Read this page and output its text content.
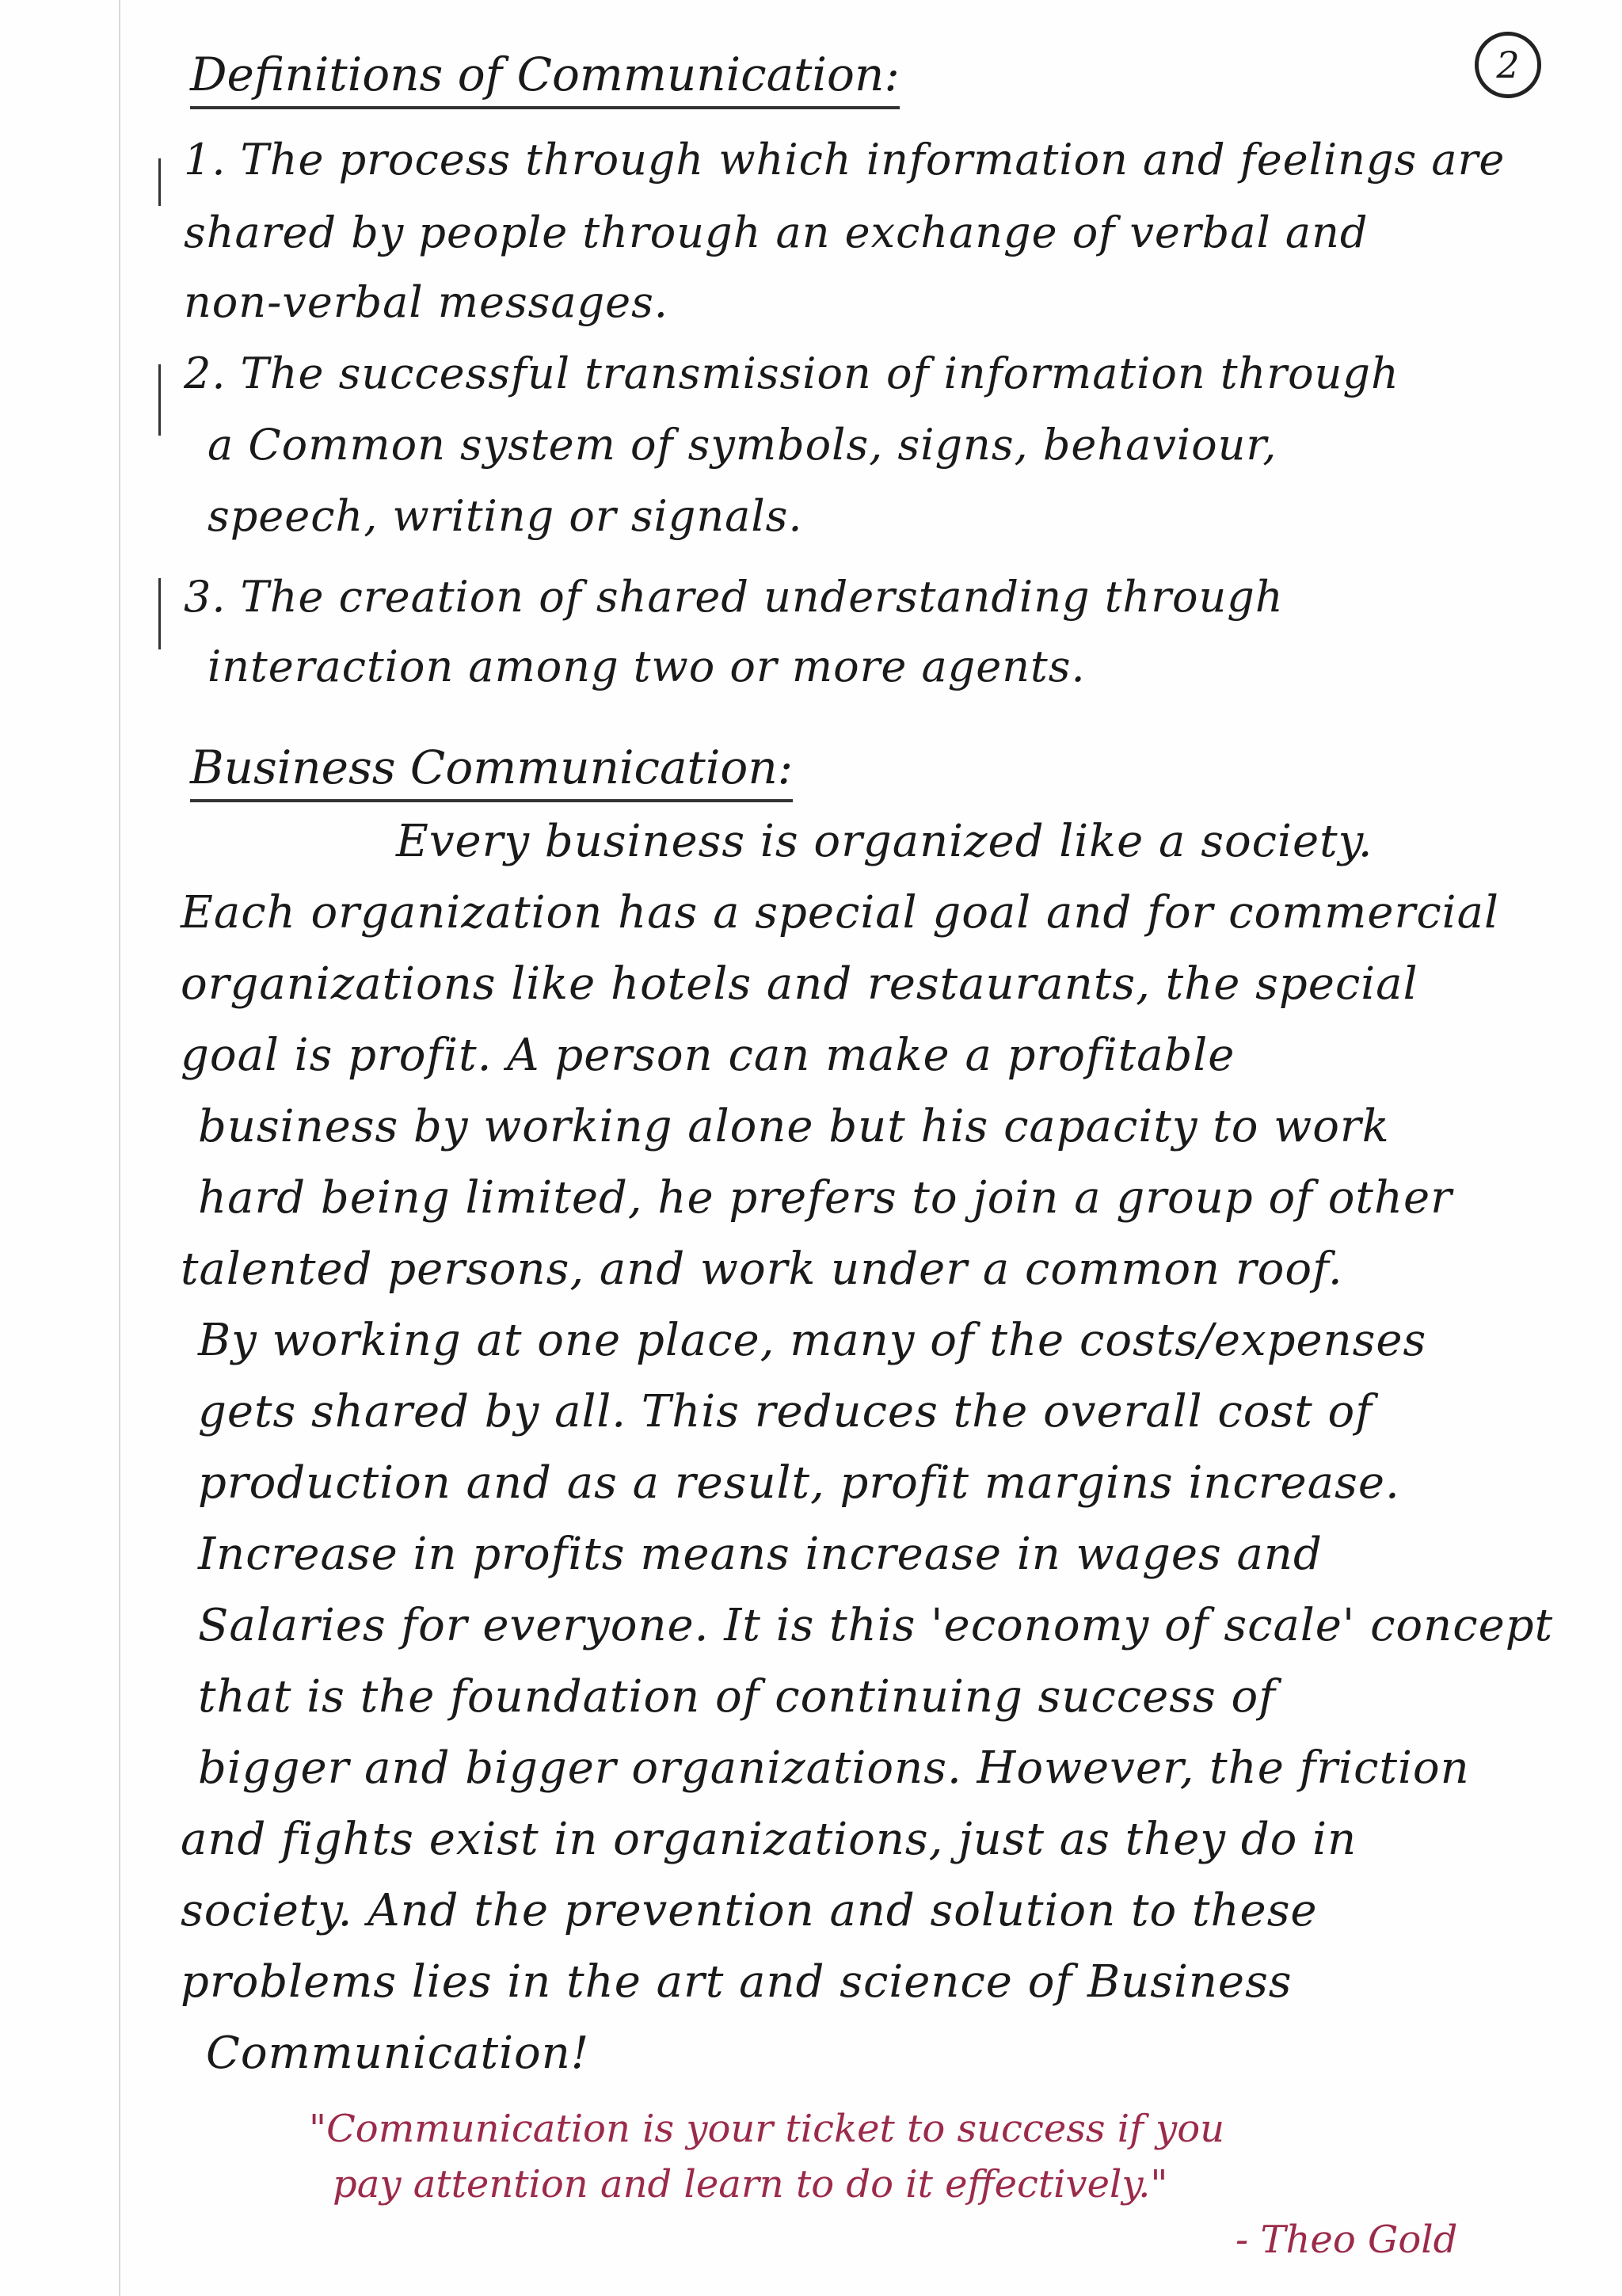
2
Definitions of Communication:
1. The process through which information and feelings are
shared by people through an exchange of verbal and
non-verbal messages.
2. The successful transmission of information through
a Common system of symbols, signs, behaviour,
speech, writing or signals.
3. The creation of shared understanding through
interaction among two or more agents.
Business Communication:
Every business is organized like a society.
Each organization has a special goal and for commercial
organizations like hotels and restaurants, the special
goal is profit. A person can make a profitable
business by working alone but his capacity to work
hard being limited, he prefers to join a group of other
talented persons, and work under a common roof.
By working at one place, many of the costs/expenses
gets shared by all. This reduces the overall cost of
production and as a result, profit margins increase.
Increase in profits means increase in wages and
Salaries for everyone. It is this 'economy of scale' concept
that is the foundation of continuing success of
bigger and bigger organizations. However, the friction
and fights exist in organizations, just as they do in
society. And the prevention and solution to these
problems lies in the art and science of Business
Communication!
"Communication is your ticket to success if you
pay attention and learn to do it effectively."
- Theo Gold
